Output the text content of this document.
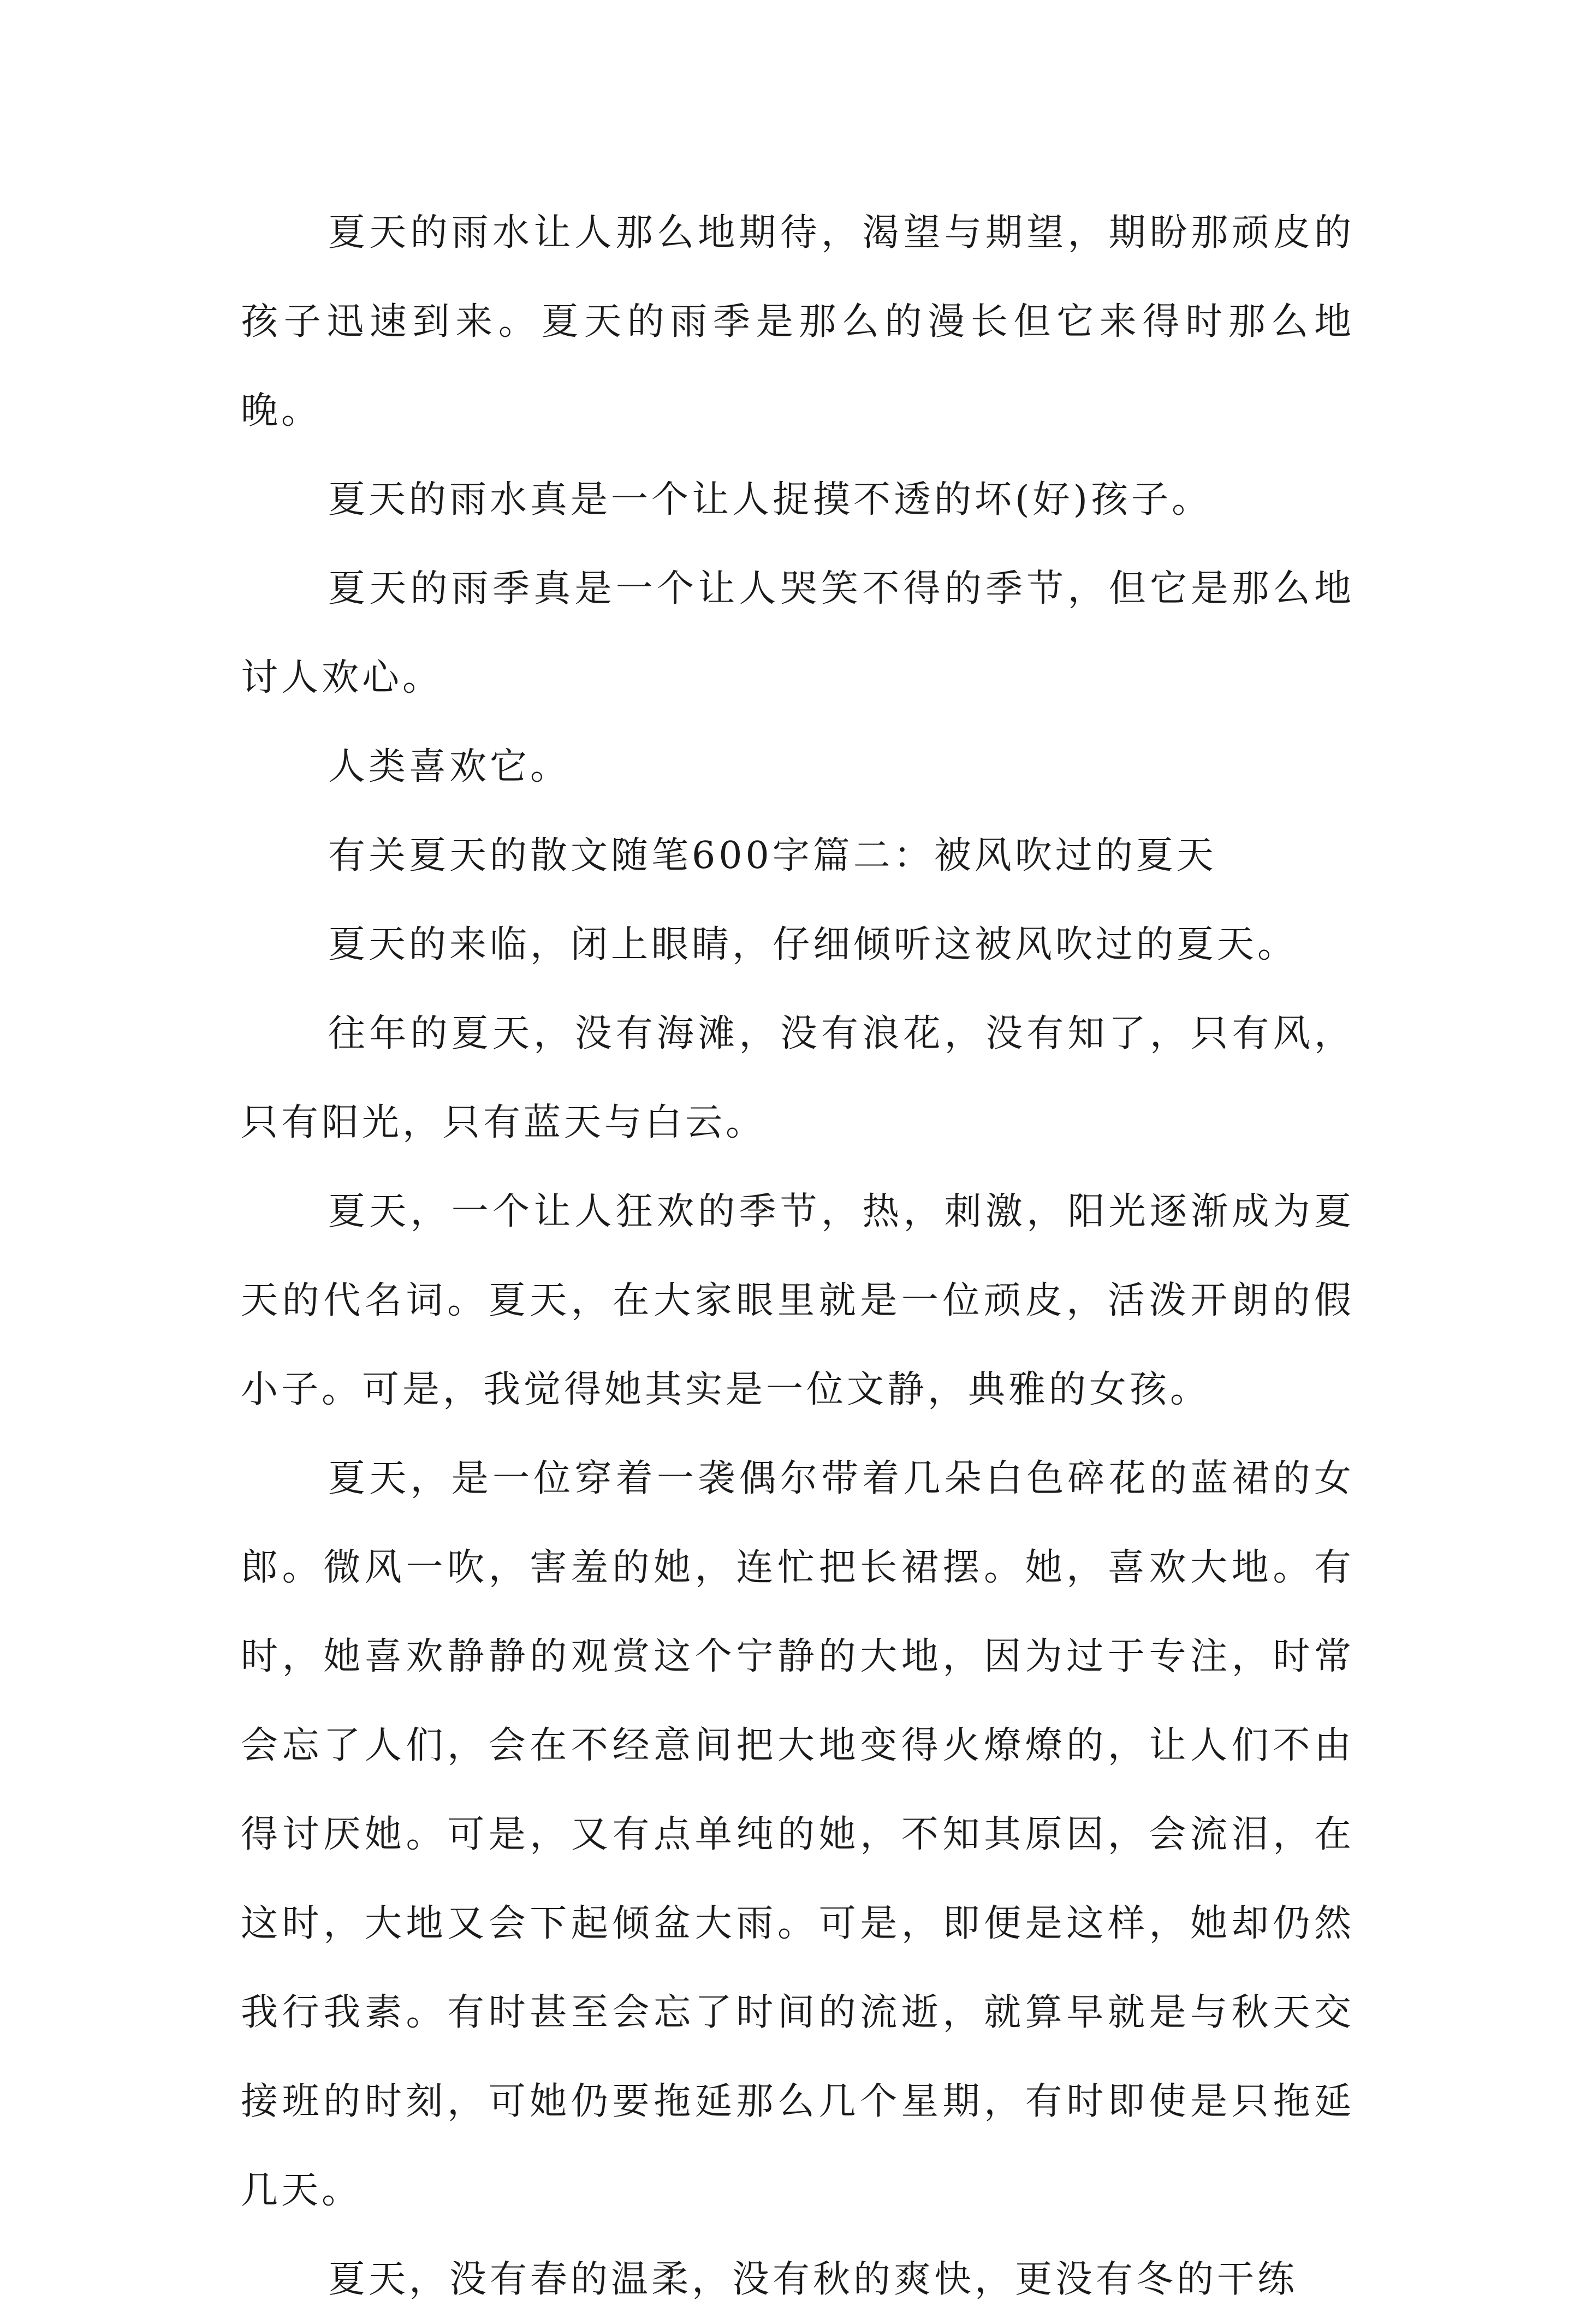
夏天的雨水让人那么地期待，渴望与期望，期盼那顽皮的孩子迅速到来。夏天的雨季是那么的漫长但它来得时那么地晚。

夏天的雨水真是一个让人捉摸不透的坏(好)孩子。

夏天的雨季真是一个让人哭笑不得的季节，但它是那么地讨人欢心。

人类喜欢它。

有关夏天的散文随笔600字篇二：被风吹过的夏天

夏天的来临，闭上眼睛，仔细倾听这被风吹过的夏天。

往年的夏天，没有海滩，没有浪花，没有知了，只有风，只有阳光，只有蓝天与白云。

夏天，一个让人狂欢的季节，热，刺激，阳光逐渐成为夏天的代名词。夏天，在大家眼里就是一位顽皮，活泼开朗的假小子。可是，我觉得她其实是一位文静，典雅的女孩。

夏天，是一位穿着一袭偶尔带着几朵白色碎花的蓝裙的女郎。微风一吹，害羞的她，连忙把长裙摆。她，喜欢大地。有时，她喜欢静静的观赏这个宁静的大地，因为过于专注，时常会忘了人们，会在不经意间把大地变得火燎燎的，让人们不由得讨厌她。可是，又有点单纯的她，不知其原因，会流泪，在这时，大地又会下起倾盆大雨。可是，即便是这样，她却仍然我行我素。有时甚至会忘了时间的流逝，就算早就是与秋天交接班的时刻，可她仍要拖延那么几个星期，有时即使是只拖延几天。

夏天，没有春的温柔，没有秋的爽快，更没有冬的干练
